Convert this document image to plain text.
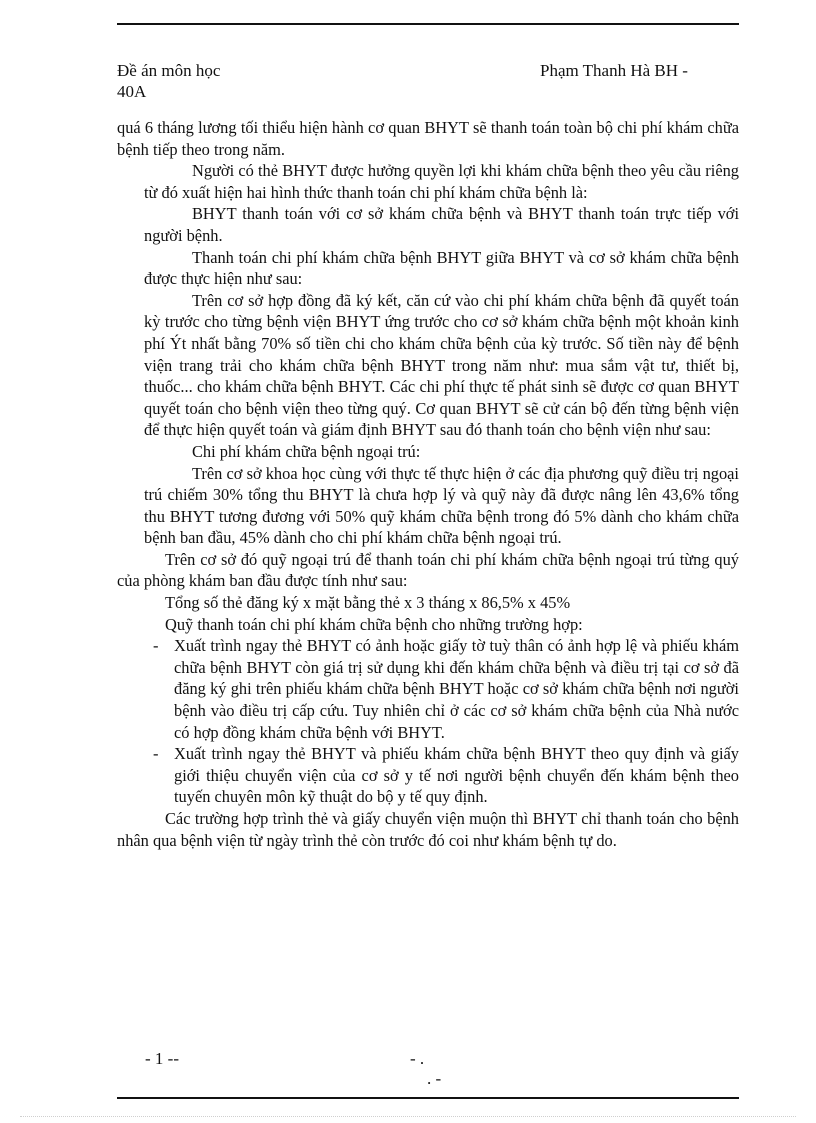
Đề án môn học	Phạm Thanh Hà BH -
40A

quá 6 tháng lương tối thiểu hiện hành cơ quan BHYT sẽ thanh toán toàn bộ chi phí khám chữa bệnh tiếp theo trong năm.

Người có thẻ BHYT được hưởng quyền lợi khi khám chữa bệnh theo yêu cầu riêng từ đó xuất hiện hai hình thức thanh toán chi phí khám chữa bệnh là:

BHYT thanh toán với cơ sở khám chữa bệnh và BHYT thanh toán trực tiếp với người bệnh.

Thanh toán chi phí khám chữa bệnh BHYT giữa BHYT và cơ sở khám chữa bệnh được thực hiện như sau:

Trên cơ sở hợp đồng đã ký kết, căn cứ vào chi phí khám chữa bệnh đã quyết toán kỳ trước cho từng bệnh viện BHYT ứng trước cho cơ sở khám chữa bệnh một khoản kinh phí Ýt nhất bằng 70% số tiền chi cho khám chữa bệnh của kỳ trước. Số tiền này để bệnh viện trang trải cho khám chữa bệnh BHYT trong năm như: mua sắm vật tư, thiết bị, thuốc... cho khám chữa bệnh BHYT. Các chi phí thực tế phát sinh sẽ được cơ quan BHYT quyết toán cho bệnh viện theo từng quý. Cơ quan BHYT sẽ cử cán bộ đến từng bệnh viện để thực hiện quyết toán và giám định BHYT sau đó thanh toán cho bệnh viện như sau:

Chi phí khám chữa bệnh ngoại trú:

Trên cơ sở khoa học cùng với thực tế thực hiện ở các địa phương quỹ điều trị ngoại trú chiếm 30% tổng thu BHYT là chưa hợp lý và quỹ này đã được nâng lên 43,6% tổng thu BHYT tương đương với 50% quỹ khám chữa bệnh trong đó 5% dành cho khám chữa bệnh ban đầu, 45% dành cho chi phí khám chữa bệnh ngoại trú.

Trên cơ sở đó quỹ ngoại trú để thanh toán chi phí khám chữa bệnh ngoại trú từng quý của phòng khám ban đầu được tính như sau:

Tổng số thẻ đăng ký x mặt bằng thẻ x 3 tháng x 86,5% x 45%

Quỹ thanh toán chi phí khám chữa bệnh cho những trường hợp:

- Xuất trình ngay thẻ BHYT có ảnh hoặc giấy tờ tuỳ thân có ảnh hợp lệ và phiếu khám chữa bệnh BHYT còn giá trị sử dụng khi đến khám chữa bệnh và điều trị tại cơ sở đã đăng ký ghi trên phiếu khám chữa bệnh BHYT hoặc cơ sở khám chữa bệnh nơi người bệnh vào điều trị cấp cứu. Tuy nhiên chỉ ở các cơ sở khám chữa bệnh của Nhà nước có hợp đồng khám chữa bệnh với BHYT.
- Xuất trình ngay thẻ BHYT và phiếu khám chữa bệnh BHYT theo quy định và giấy giới thiệu chuyển viện của cơ sở y tế nơi người bệnh chuyển đến khám bệnh theo tuyến chuyên môn kỹ thuật do bộ y tế quy định.

Các trường hợp trình thẻ và giấy chuyển viện muộn thì BHYT chỉ thanh toán cho bệnh nhân qua bệnh viện từ ngày trình thẻ còn trước đó coi như khám bệnh tự do.

- 1 --	- .
. -
